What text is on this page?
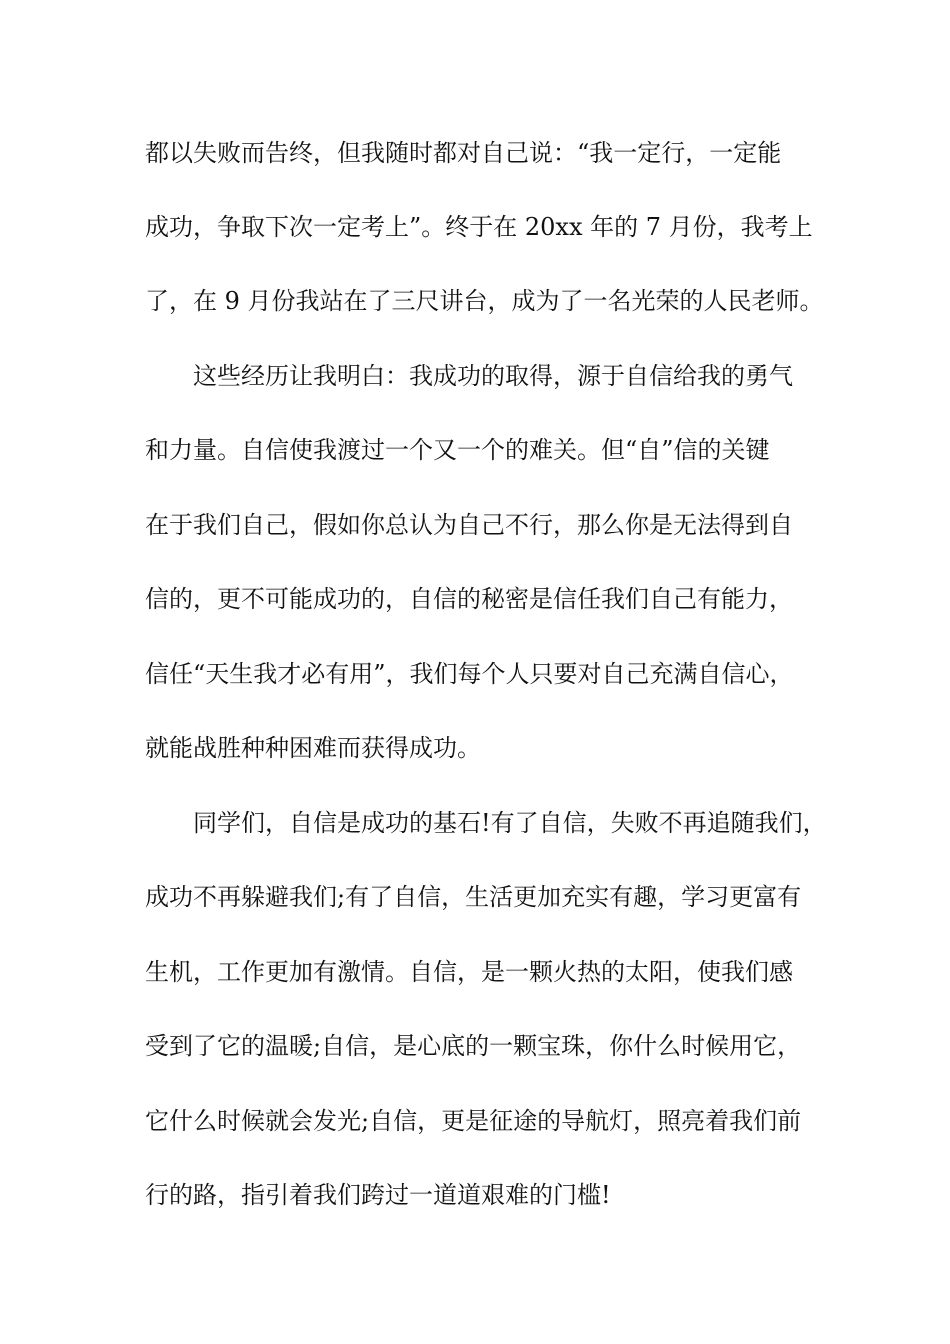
都以失败而告终，但我随时都对自己说：“我一定行，一定能
成功，争取下次一定考上”。终于在 20xx 年的 7 月份，我考上
了，在 9 月份我站在了三尺讲台，成为了一名光荣的人民老师。
这些经历让我明白：我成功的取得，源于自信给我的勇气
和力量。自信使我渡过一个又一个的难关。但“自”信的关键
在于我们自己，假如你总认为自己不行，那么你是无法得到自
信的，更不可能成功的，自信的秘密是信任我们自己有能力，
信任“天生我才必有用”，我们每个人只要对自己充满自信心，
就能战胜种种困难而获得成功。
同学们，自信是成功的基石!有了自信，失败不再追随我们，
成功不再躲避我们;有了自信，生活更加充实有趣，学习更富有
生机，工作更加有激情。自信，是一颗火热的太阳，使我们感
受到了它的温暖;自信，是心底的一颗宝珠，你什么时候用它，
它什么时候就会发光;自信，更是征途的导航灯，照亮着我们前
行的路，指引着我们跨过一道道艰难的门槛!
